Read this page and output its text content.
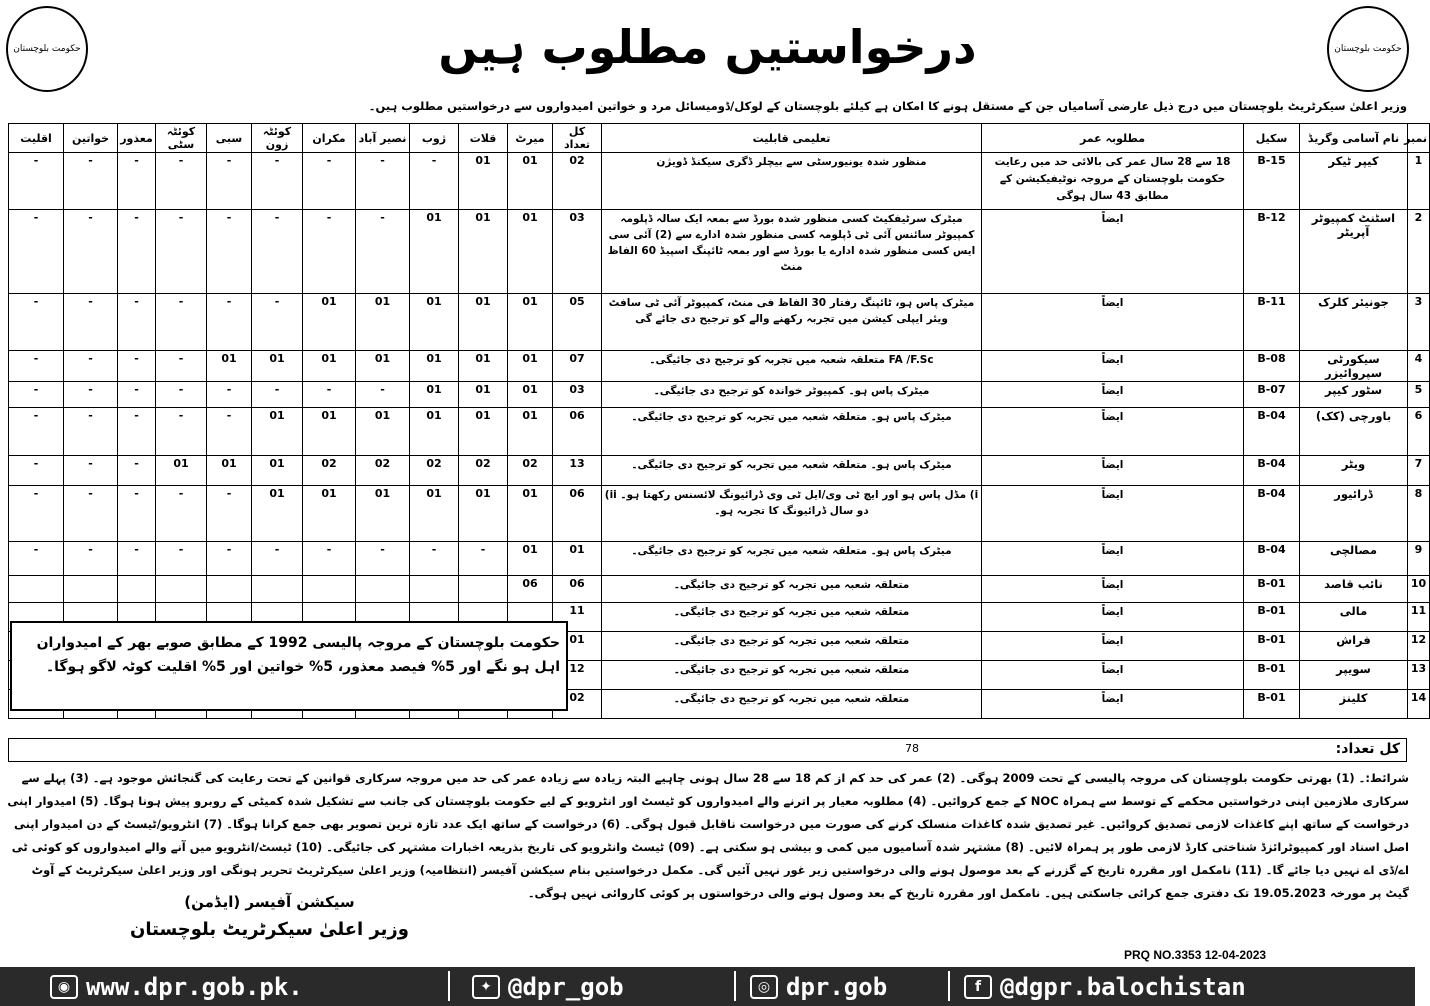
حکومت بلوچستان	حکومت بلوچستان
درخواستیں مطلوب ہیں
وزیر اعلیٰ سیکرٹریٹ بلوچستان میں درج ذیل عارضی آسامیاں جن کے مستقل ہونے کا امکان ہے کیلئے بلوچستان کے لوکل/ڈومیسائل مرد و خواتین امیدواروں سے درخواستیں مطلوب ہیں۔
نمبر	نام آسامی وگریڈ	سکیل	مطلوبہ عمر	تعلیمی قابلیت	کل تعداد	میرٹ	قلات	ژوب	نصیر آباد	مکران	کوئٹہ زون	سبی	کوئٹہ سٹی	معذور	خواتین	اقلیت
1	کیپر ٹیکر	B-15	18 سے 28 سال عمر کی بالائی حد میں رعایت حکومت بلوچستان کے مروجہ نوٹیفیکیشن کے مطابق 43 سال ہوگی	منظور شدہ یونیورسٹی سے بیچلر ڈگری سیکنڈ ڈویژن	02	01	01	-	-	-	-	-	-	-	-	-
2	اسٹنٹ کمپیوٹر آپریٹر	B-12	ایضاً	میٹرک سرٹیفکیٹ کسی منظور شدہ بورڈ سے بمعہ ایک سالہ ڈپلومہ کمپیوٹر سائنس آئی ٹی ڈپلومہ کسی منظور شدہ ادارے سے (2) آئی سی ایس کسی منظور شدہ ادارے یا بورڈ سے اور بمعہ ٹائپنگ اسپیڈ 60 الفاظ منٹ	03	01	01	01	-	-	-	-	-	-	-	-
3	جونیئر کلرک	B-11	ایضاً	میٹرک پاس ہو، ٹائپنگ رفتار 30 الفاظ فی منٹ، کمپیوٹر آئی ٹی سافٹ ویئر ایپلی کیشن میں تجربہ رکھنے والے کو ترجیح دی جائے گی	05	01	01	01	01	01	-	-	-	-	-	-
4	سیکورٹی سپروائیزر	B-08	ایضاً	FA /F.Sc متعلقہ شعبہ میں تجربہ کو ترجیح دی جائیگی۔	07	01	01	01	01	01	01	01	-	-	-	-
5	سٹور کیپر	B-07	ایضاً	میٹرک پاس ہو۔ کمپیوٹر خواندہ کو ترجیح دی جائیگی۔	03	01	01	01	-	-	-	-	-	-	-	-
6	باورچی (کک)	B-04	ایضاً	میٹرک پاس ہو۔ متعلقہ شعبہ میں تجربہ کو ترجیح دی جائیگی۔	06	01	01	01	01	01	01	-	-	-	-	-
7	ویٹر	B-04	ایضاً	میٹرک پاس ہو۔ متعلقہ شعبہ میں تجربہ کو ترجیح دی جائیگی۔	13	02	02	02	02	02	01	01	01	-	-	-
8	ڈرائیور	B-04	ایضاً	i) مڈل پاس ہو اور ایچ ٹی وی/ایل ٹی وی ڈرائیونگ لائسنس رکھتا ہو۔ ii) دو سال ڈرائیونگ کا تجربہ ہو۔	06	01	01	01	01	01	01	-	-	-	-	-
9	مصالچی	B-04	ایضاً	میٹرک پاس ہو۔ متعلقہ شعبہ میں تجربہ کو ترجیح دی جائیگی۔	01	01	-	-	-	-	-	-	-	-	-	-
10	نائب قاصد	B-01	ایضاً	متعلقہ شعبہ میں تجربہ کو ترجیح دی جائیگی۔	06	06										
11	مالی	B-01	ایضاً	متعلقہ شعبہ میں تجربہ کو ترجیح دی جائیگی۔	11											
12	فراش	B-01	ایضاً	متعلقہ شعبہ میں تجربہ کو ترجیح دی جائیگی۔	01											
13	سویپر	B-01	ایضاً	متعلقہ شعبہ میں تجربہ کو ترجیح دی جائیگی۔	12											
14	کلینز	B-01	ایضاً	متعلقہ شعبہ میں تجربہ کو ترجیح دی جائیگی۔	02											
حکومت بلوچستان کے مروجہ پالیسی 1992 کے مطابق صوبے بھر کے امیدواران اہل ہو نگے اور 5% فیصد معذور، 5% خواتین اور 5% اقلیت کوٹہ لاگو ہوگا۔
کل تعداد:
78
شرائط:۔ (1) بھرتی حکومت بلوچستان کی مروجہ پالیسی کے تحت 2009 ہوگی۔ (2) عمر کی حد کم از کم 18 سے 28 سال ہونی چاہیے البتہ زیادہ سے زیادہ عمر کی حد میں مروجہ سرکاری قوانین کے تحت رعایت کی گنجائش موجود ہے۔ (3) پہلے سے سرکاری ملازمین اپنی درخواستیں محکمے کے توسط سے ہمراہ NOC کے جمع کروائیں۔ (4) مطلوبہ معیار پر اترنے والے امیدواروں کو ٹیسٹ اور انٹرویو کے لیے حکومت بلوچستان کی جانب سے تشکیل شدہ کمیٹی کے روبرو پیش ہونا ہوگا۔ (5) امیدوار اپنی درخواست کے ساتھ اپنے کاغذات لازمی تصدیق کروائیں۔ غیر تصدیق شدہ کاغذات منسلک کرنے کی صورت میں درخواست ناقابل قبول ہوگی۔ (6) درخواست کے ساتھ ایک عدد تازہ ترین تصویر بھی جمع کرانا ہوگا۔ (7) انٹرویو/ٹیسٹ کے دن امیدوار اپنی اصل اسناد اور کمپیوٹرائزڈ شناختی کارڈ لازمی طور پر ہمراہ لائیں۔ (8) مشتہر شدہ آسامیوں میں کمی و بیشی ہو سکتی ہے۔ (09) ٹیسٹ وانٹرویو کی تاریخ بذریعہ اخبارات مشتہر کی جائیگی۔ (10) ٹیسٹ/انٹرویو میں آنے والے امیدواروں کو کوئی ٹی اے/ڈی اے نہیں دیا جائے گا۔ (11) نامکمل اور مقررہ تاریخ کے گزرنے کے بعد موصول ہونے والی درخواستیں زیر غور نہیں آئیں گی۔ مکمل درخواستیں بنام سیکشن آفیسر (انتظامیہ) وزیر اعلیٰ سیکرٹریٹ تحریر ہونگی اور وزیر اعلیٰ سیکرٹریٹ کے آوٹ گیٹ پر مورخہ 19.05.2023 تک دفتری جمع کرائی جاسکتی ہیں۔ نامکمل اور مقررہ تاریخ کے بعد وصول ہونے والی درخواستوں پر کوئی کاروائی نہیں ہوگی۔
سیکشن آفیسر (ایڈمن)
وزیر اعلیٰ سیکرٹریٹ بلوچستان
PRQ NO.3353 12-04-2023
◉ www.dpr.gob.pk.	✦ @dpr_gob	◎ dpr.gob	f @dgpr.balochistan
